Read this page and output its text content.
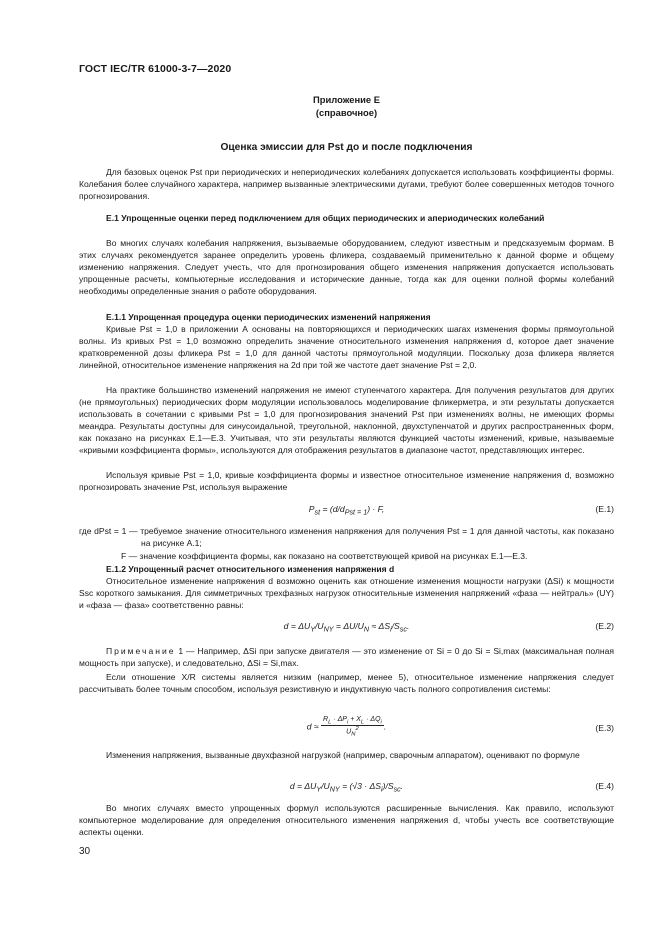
ГОСТ IEC/TR 61000-3-7—2020
Приложение Е
(справочное)
Оценка эмиссии для Pst до и после подключения
Для базовых оценок Pst при периодических и непериодических колебаниях допускается использовать коэффициенты формы. Колебания более случайного характера, например вызванные электрическими дугами, требуют более совершенных методов точного прогнозирования.
Е.1 Упрощенные оценки перед подключением для общих периодических и апериодических колебаний
Во многих случаях колебания напряжения, вызываемые оборудованием, следуют известным и предсказуемым формам. В этих случаях рекомендуется заранее определить уровень фликера, создаваемый применительно к данной форме и общему изменению напряжения. Следует учесть, что для прогнозирования общего изменения напряжения допускается использовать упрощенные расчеты, компьютерные исследования и исторические данные, тогда как для оценки полной формы колебаний необходимы определенные знания о работе оборудования.
Е.1.1 Упрощенная процедура оценки периодических изменений напряжения
Кривые Pst = 1,0 в приложении А основаны на повторяющихся и периодических шагах изменения формы прямоугольной волны. Из кривых Pst = 1,0 возможно определить значение относительного изменения напряжения d, которое дает значение кратковременной дозы фликера Pst = 1,0 для данной частоты прямоугольной модуляции. Поскольку доза фликера является линейной, относительное изменение напряжения на 2d при той же частоте дает значение Pst = 2,0.
На практике большинство изменений напряжения не имеют ступенчатого характера. Для получения результатов для других (не прямоугольных) периодических форм модуляции использовалось моделирование фликерметра, и эти результаты допускается использовать в сочетании с кривыми Pst = 1,0 для прогнозирования значений Pst при изменениях волны, не имеющих формы меандра. Результаты доступны для синусоидальной, треугольной, наклонной, двухступенчатой и других распространенных форм, как показано на рисунках Е.1—Е.3. Учитывая, что эти результаты являются функцией частоты изменений, кривые, называемые «кривыми коэффициента формы», используются для отображения результатов в диапазоне частот, представляющих интерес.
Используя кривые Pst = 1,0, кривые коэффициента формы и известное относительное изменение напряжения d, возможно прогнозировать значение Pst, используя выражение
$P_{st} = (d/d_{Pst = 1}) \cdot F$,	(Е.1)
где dPst = 1 — требуемое значение относительного изменения напряжения для получения Pst = 1 для данной частоты, как показано на рисунке А.1;
F — значение коэффициента формы, как показано на соответствующей кривой на рисунках Е.1—Е.3.
Е.1.2 Упрощенный расчет относительного изменения напряжения d
Относительное изменение напряжения d возможно оценить как отношение изменения мощности нагрузки (ΔSi) к мощности Ssc короткого замыкания. Для симметричных трехфазных нагрузок относительные изменения напряжений «фаза — нейтраль» (UY) и «фаза — фаза» соответственно равны:
$d = \Delta U_Y/U_{NY} = \Delta U/U_N \approx \Delta S_i/S_{sc}$.	(Е.2)
Примечание 1 — Например, ΔSi при запуске двигателя — это изменение от Si = 0 до Si = Si,max (максимальная полная мощность при запуске), и следовательно, ΔSi = Si,max.
Если отношение X/R системы является низким (например, менее 5), относительное изменение напряжения следует рассчитывать более точным способом, используя резистивную и индуктивную часть полного сопротивления системы:
$d \approx \frac{R_L \cdot \Delta P_i + X_L \cdot \Delta Q_i}{U_N^2}$ .	(Е.3)
Изменения напряжения, вызванные двухфазной нагрузкой (например, сварочным аппаратом), оценивают по формуле
$d = \Delta U_Y/U_{NY} = (√3 \cdot \Delta S_i)/S_{sc}$.	(Е.4)
Во многих случаях вместо упрощенных формул используются расширенные вычисления. Как правило, используют компьютерное моделирование для определения относительного изменения напряжения d, чтобы учесть все соответствующие аспекты оценки.
30
